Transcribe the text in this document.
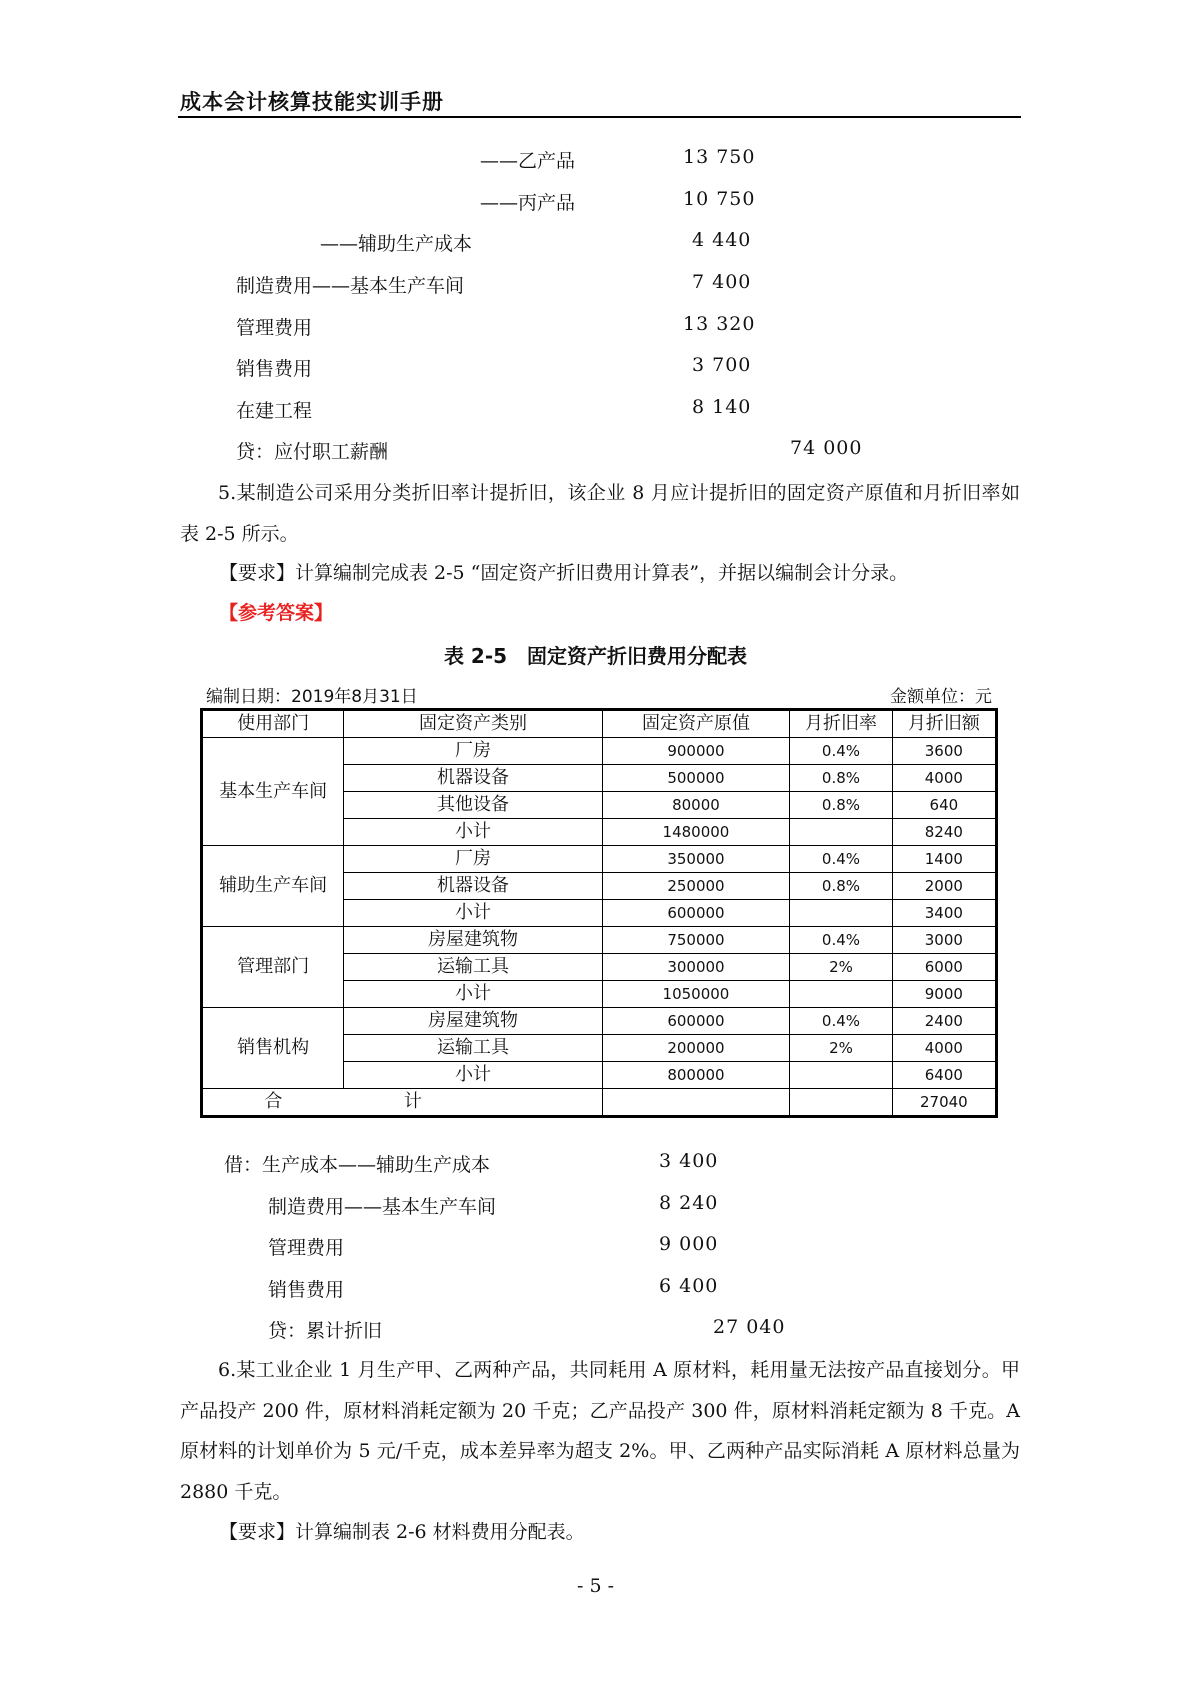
成本会计核算技能实训手册
——乙产品	13 750
——丙产品	10 750
——辅助生产成本	4 440
制造费用——基本生产车间	7 400
管理费用	13 320
销售费用	3 700
在建工程	8 140
贷：应付职工薪酬	74 000

5.某制造公司采用分类折旧率计提折旧，该企业 8 月应计提折旧的固定资产原值和月折旧率如表 2-5 所示。

【要求】计算编制完成表 2-5 “固定资产折旧费用计算表”，并据以编制会计分录。
【参考答案】
表 2-5　固定资产折旧费用分配表
编制日期：2019年8月31日	金额单位：元
使用部门	固定资产类别	固定资产原值	月折旧率	月折旧额
基本生产车间	厂房	900000	0.4%	3600
	机器设备	500000	0.8%	4000
	其他设备	80000	0.8%	640
	小计	1480000		8240
辅助生产车间	厂房	350000	0.4%	1400
	机器设备	250000	0.8%	2000
	小计	600000		3400
管理部门	房屋建筑物	750000	0.4%	3000
	运输工具	300000	2%	6000
	小计	1050000		9000
销售机构	房屋建筑物	600000	0.4%	2400
	运输工具	200000	2%	4000
	小计	800000		6400
合	计			27040
借：生产成本——辅助生产成本	3 400
制造费用——基本生产车间	8 240
管理费用	9 000
销售费用	6 400
贷：累计折旧	27 040

6.某工业企业 1 月生产甲、乙两种产品，共同耗用 A 原材料，耗用量无法按产品直接划分。甲产品投产 200 件，原材料消耗定额为 20 千克；乙产品投产 300 件，原材料消耗定额为 8 千克。A 原材料的计划单价为 5 元/千克，成本差异率为超支 2%。甲、乙两种产品实际消耗 A 原材料总量为 2880 千克。

【要求】计算编制表 2-6 材料费用分配表。
- 5 -
